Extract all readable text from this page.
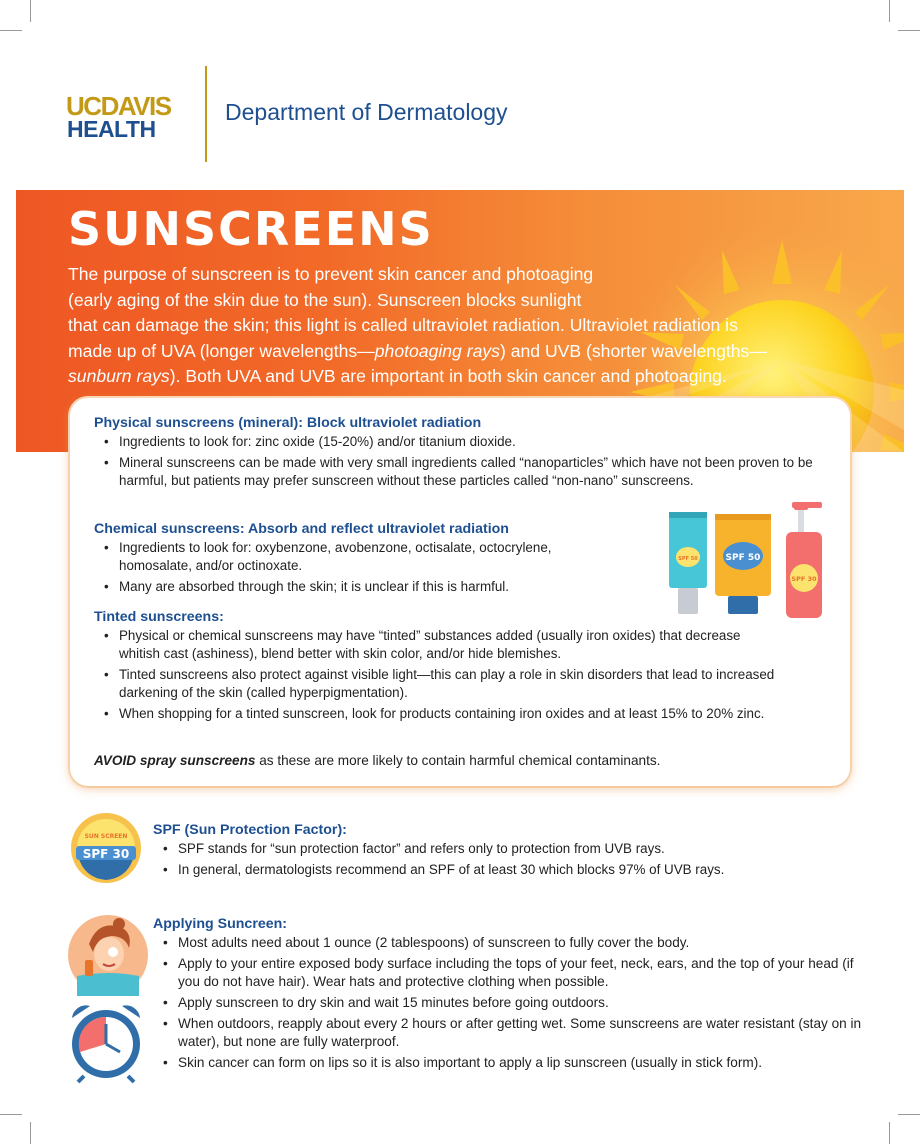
UCDAVIS
HEALTH
Department of Dermatology
SUNSCREENS
The purpose of sunscreen is to prevent skin cancer and photoaging
(early aging of the skin due to the sun). Sunscreen blocks sunlight
that can damage the skin; this light is called ultraviolet radiation. Ultraviolet radiation is
made up of UVA (longer wavelengths—photoaging rays) and UVB (shorter wavelengths—
sunburn rays). Both UVA and UVB are important in both skin cancer and photoaging.
Physical sunscreens (mineral): Block ultraviolet radiation
• Ingredients to look for: zinc oxide (15-20%) and/or titanium dioxide.
• Mineral sunscreens can be made with very small ingredients called “nanoparticles” which have not been proven to be harmful, but patients may prefer sunscreen without these particles called “non-nano” sunscreens.
Chemical sunscreens: Absorb and reflect ultraviolet radiation
• Ingredients to look for: oxybenzone, avobenzone, octisalate, octocrylene, homosalate, and/or octinoxate.
• Many are absorbed through the skin; it is unclear if this is harmful.
SPF 50	SPF 50
SPF 30
Tinted sunscreens:
• Physical or chemical sunscreens may have “tinted” substances added (usually iron oxides) that decrease whitish cast (ashiness), blend better with skin color, and/or hide blemishes.
• Tinted sunscreens also protect against visible light—this can play a role in skin disorders that lead to increased darkening of the skin (called hyperpigmentation).
• When shopping for a tinted sunscreen, look for products containing iron oxides and at least 15% to 20% zinc.
AVOID spray sunscreens as these are more likely to contain harmful chemical contaminants.
SUN SCREEN
SPF 30
SPF (Sun Protection Factor):
• SPF stands for “sun protection factor” and refers only to protection from UVB rays.
• In general, dermatologists recommend an SPF of at least 30 which blocks 97% of UVB rays.
Applying Suncreen:
• Most adults need about 1 ounce (2 tablespoons) of sunscreen to fully cover the body.
• Apply to your entire exposed body surface including the tops of your feet, neck, ears, and the top of your head (if you do not have hair). Wear hats and protective clothing when possible.
• Apply sunscreen to dry skin and wait 15 minutes before going outdoors.
• When outdoors, reapply about every 2 hours or after getting wet. Some sunscreens are water resistant (stay on in water), but none are fully waterproof.
• Skin cancer can form on lips so it is also important to apply a lip sunscreen (usually in stick form).
